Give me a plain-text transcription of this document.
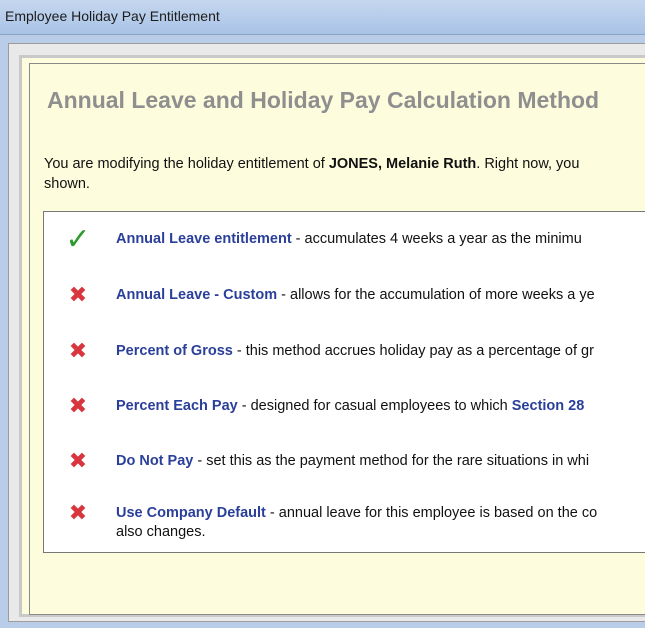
Employee Holiday Pay Entitlement
Annual Leave and Holiday Pay Calculation Method
You are modifying the holiday entitlement of JONES, Melanie Ruth. Right now, you
shown.
✓ Annual Leave entitlement - accumulates 4 weeks a year as the minimu
✖	Annual Leave - Custom - allows for the accumulation of more weeks a ye
✖	Percent of Gross - this method accrues holiday pay as a percentage of gr
✖	Percent Each Pay - designed for casual employees to which Section 28
✖	Do Not Pay - set this as the payment method for the rare situations in whi
✖	Use Company Default - annual leave for this employee is based on the co
also changes.
